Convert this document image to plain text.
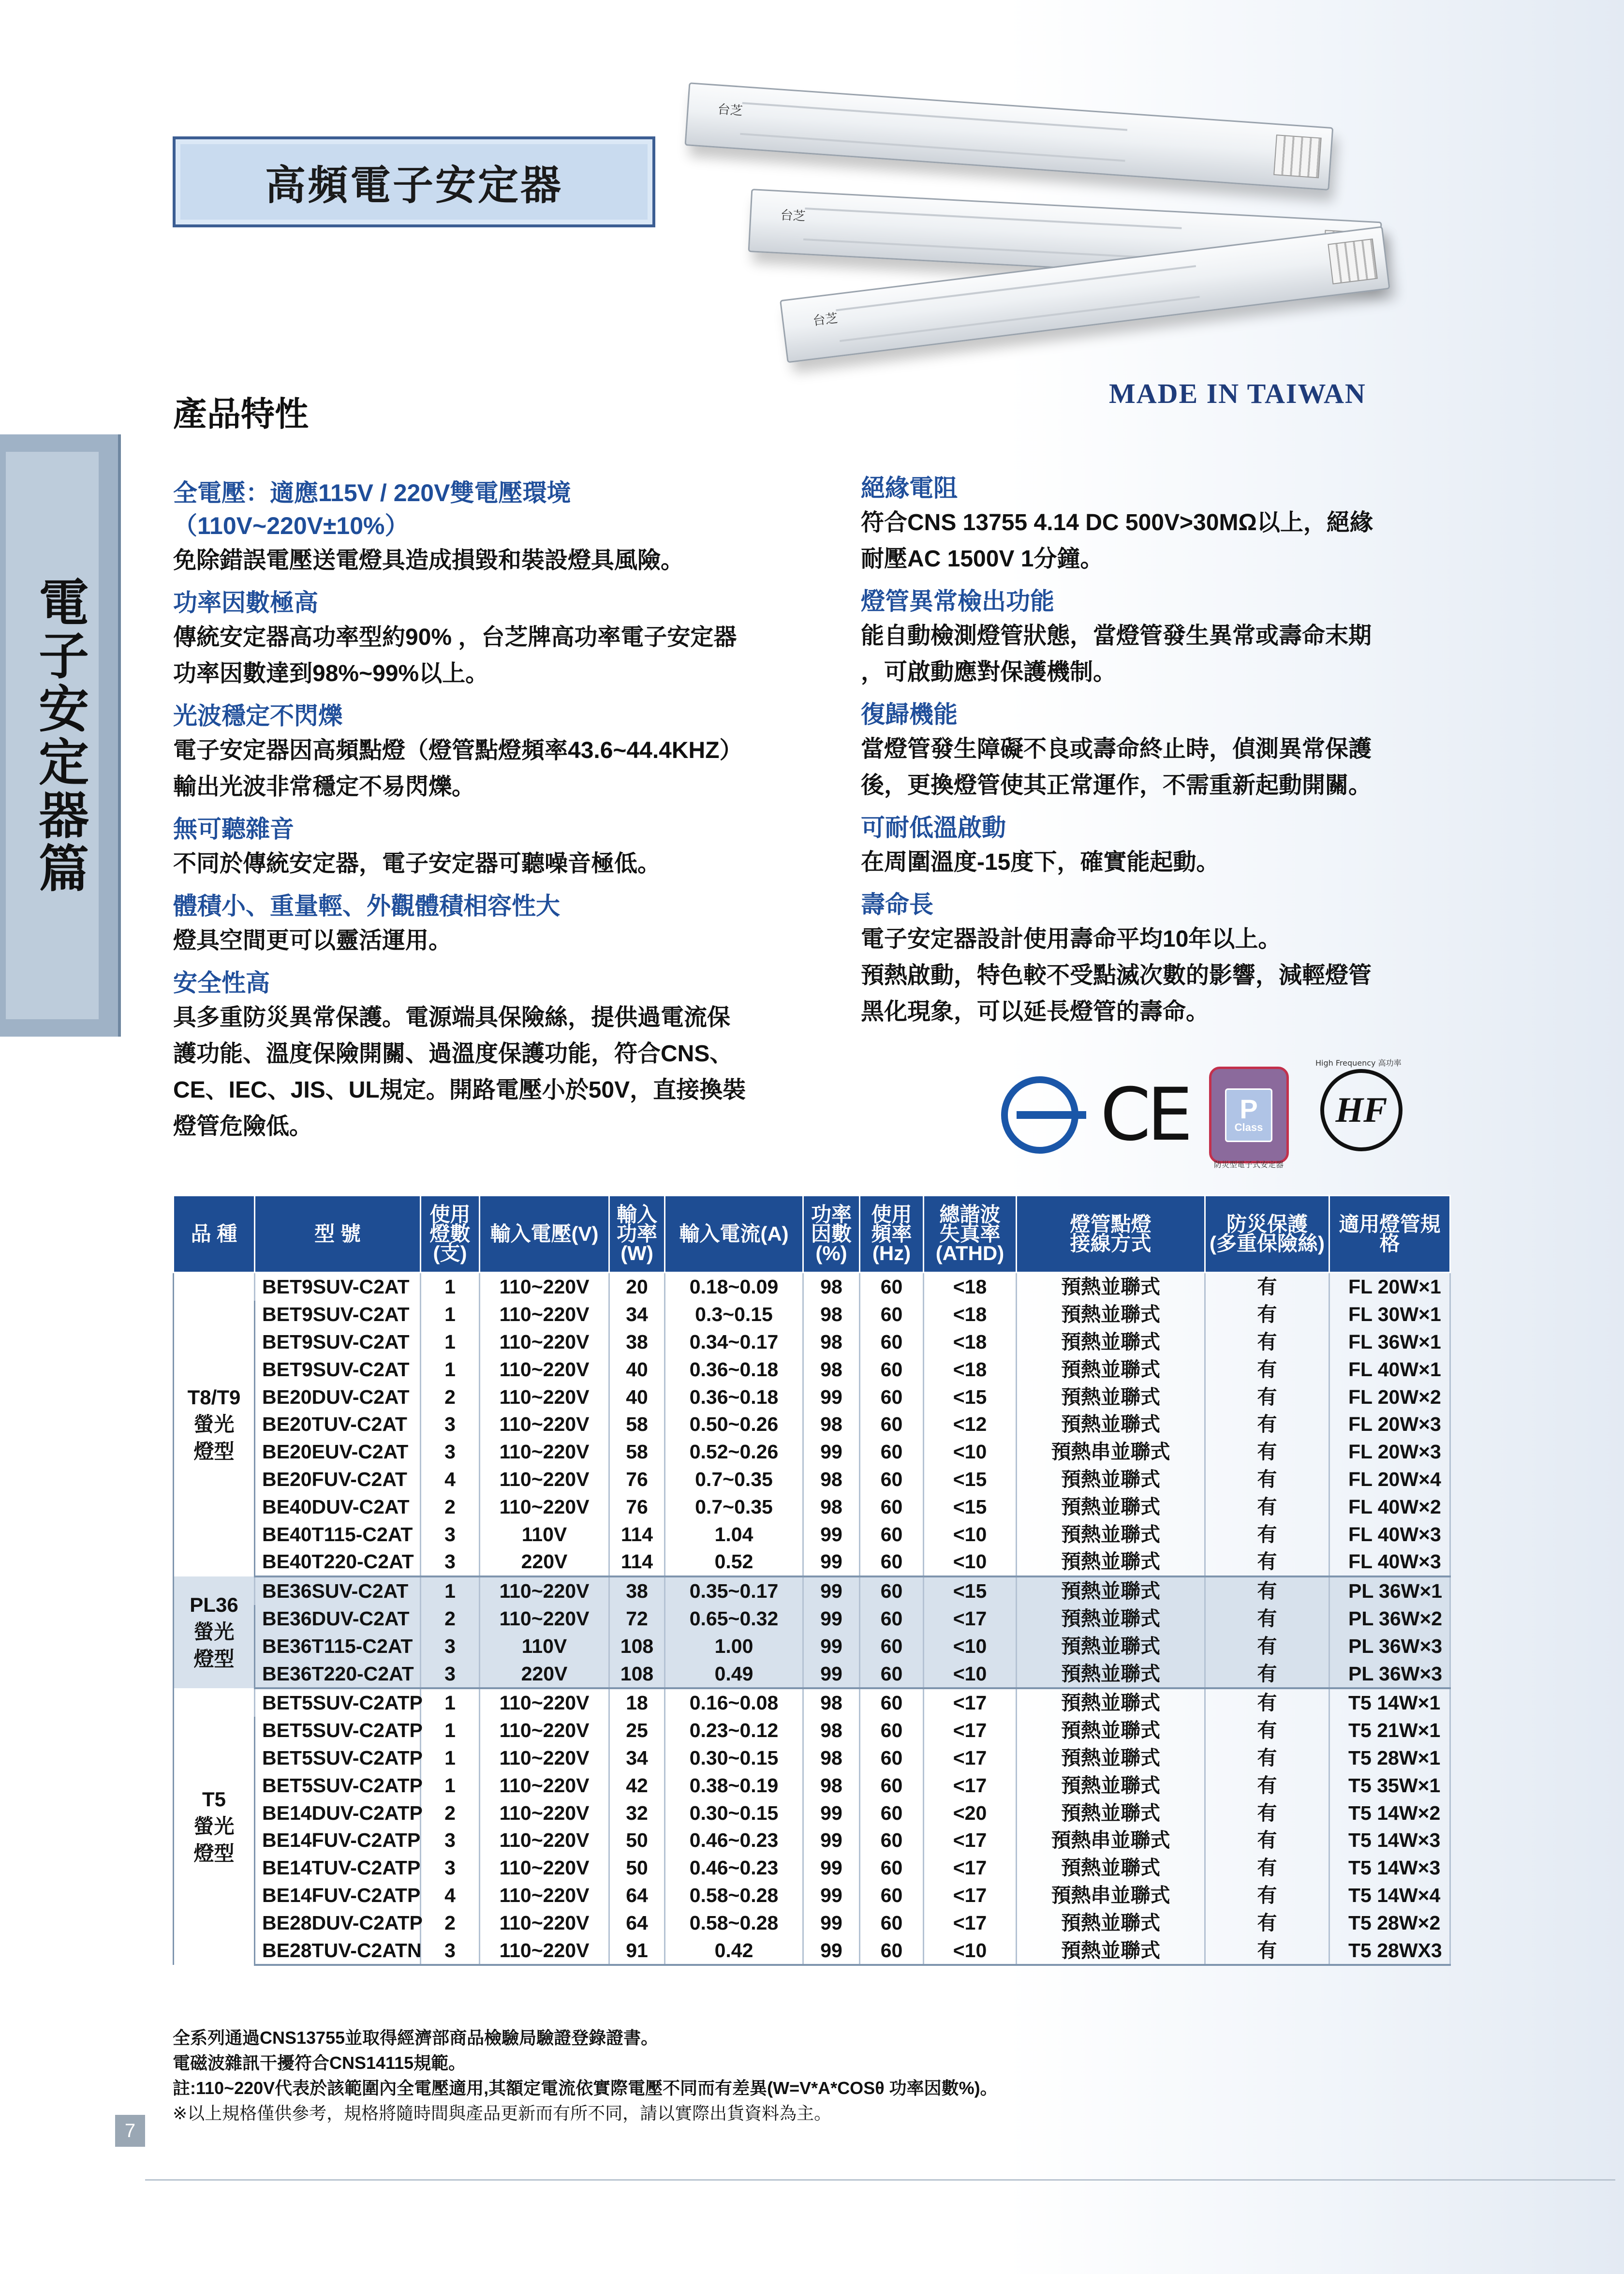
高頻電子安定器
台芝
台芝
台芝
MADE IN TAIWAN
電子安定器篇
產品特性

全電壓：適應115V / 220V雙電壓環境
（110V~220V±10%）

免除錯誤電壓送電燈具造成損毀和裝設燈具風險。

功率因數極高

傳統安定器高功率型約90% ，台芝牌高功率電子安定器
功率因數達到98%~99%以上。

光波穩定不閃爍

電子安定器因高頻點燈（燈管點燈頻率43.6~44.4KHZ）
輸出光波非常穩定不易閃爍。

無可聽雜音

不同於傳統安定器，電子安定器可聽噪音極低。

體積小、重量輕、外觀體積相容性大

燈具空間更可以靈活運用。

安全性高

具多重防災異常保護。電源端具保險絲，提供過電流保
護功能、溫度保險開關、過溫度保護功能，符合CNS、
CE、IEC、JIS、UL規定。開路電壓小於50V，直接換裝
燈管危險低。

絕緣電阻

符合CNS 13755 4.14 DC 500V>30MΩ以上，絕緣
耐壓AC 1500V 1分鐘。

燈管異常檢出功能

能自動檢測燈管狀態，當燈管發生異常或壽命末期
，可啟動應對保護機制。

復歸機能

當燈管發生障礙不良或壽命終止時，偵測異常保護
後，更換燈管使其正常運作，不需重新起動開關。

可耐低溫啟動

在周圍溫度-15度下，確實能起動。

壽命長

電子安定器設計使用壽命平均10年以上。
預熱啟動，特色較不受點滅次數的影響，減輕燈管
黑化現象，可以延長燈管的壽命。

CE P
Class	HF
防災型電子式安定器
High Frequency 高功率
品 種	型 號	使用
燈數
(支)	輸入電壓(V)	輸入
功率
(W)	輸入電流(A)	功率
因數
(%)	使用
頻率
(Hz)	總諧波
失真率
(ATHD)	燈管點燈
接線方式	防災保護
(多重保險絲)	適用燈管規格
T8/T9
螢光
燈型	BET9SUV-C2AT	1	110~220V	20	0.18~0.09	98	60	<18	預熱並聯式	有	FL 20W×1
	BET9SUV-C2AT	1	110~220V	34	0.3~0.15	98	60	<18	預熱並聯式	有	FL 30W×1
	BET9SUV-C2AT	1	110~220V	38	0.34~0.17	98	60	<18	預熱並聯式	有	FL 36W×1
	BET9SUV-C2AT	1	110~220V	40	0.36~0.18	98	60	<18	預熱並聯式	有	FL 40W×1
	BE20DUV-C2AT	2	110~220V	40	0.36~0.18	99	60	<15	預熱並聯式	有	FL 20W×2
	BE20TUV-C2AT	3	110~220V	58	0.50~0.26	98	60	<12	預熱並聯式	有	FL 20W×3
	BE20EUV-C2AT	3	110~220V	58	0.52~0.26	99	60	<10	預熱串並聯式	有	FL 20W×3
	BE20FUV-C2AT	4	110~220V	76	0.7~0.35	98	60	<15	預熱並聯式	有	FL 20W×4
	BE40DUV-C2AT	2	110~220V	76	0.7~0.35	98	60	<15	預熱並聯式	有	FL 40W×2
	BE40T115-C2AT	3	110V	114	1.04	99	60	<10	預熱並聯式	有	FL 40W×3
	BE40T220-C2AT	3	220V	114	0.52	99	60	<10	預熱並聯式	有	FL 40W×3
PL36
螢光
燈型	BE36SUV-C2AT	1	110~220V	38	0.35~0.17	99	60	<15	預熱並聯式	有	PL 36W×1
	BE36DUV-C2AT	2	110~220V	72	0.65~0.32	99	60	<17	預熱並聯式	有	PL 36W×2
	BE36T115-C2AT	3	110V	108	1.00	99	60	<10	預熱並聯式	有	PL 36W×3
	BE36T220-C2AT	3	220V	108	0.49	99	60	<10	預熱並聯式	有	PL 36W×3
T5
螢光
燈型	BET5SUV-C2ATP	1	110~220V	18	0.16~0.08	98	60	<17	預熱並聯式	有	T5 14W×1
	BET5SUV-C2ATP	1	110~220V	25	0.23~0.12	98	60	<17	預熱並聯式	有	T5 21W×1
	BET5SUV-C2ATP	1	110~220V	34	0.30~0.15	98	60	<17	預熱並聯式	有	T5 28W×1
	BET5SUV-C2ATP	1	110~220V	42	0.38~0.19	98	60	<17	預熱並聯式	有	T5 35W×1
	BE14DUV-C2ATP	2	110~220V	32	0.30~0.15	99	60	<20	預熱並聯式	有	T5 14W×2
	BE14FUV-C2ATP	3	110~220V	50	0.46~0.23	99	60	<17	預熱串並聯式	有	T5 14W×3
	BE14TUV-C2ATP	3	110~220V	50	0.46~0.23	99	60	<17	預熱並聯式	有	T5 14W×3
	BE14FUV-C2ATP	4	110~220V	64	0.58~0.28	99	60	<17	預熱串並聯式	有	T5 14W×4
	BE28DUV-C2ATP	2	110~220V	64	0.58~0.28	99	60	<17	預熱並聯式	有	T5 28W×2
	BE28TUV-C2ATN	3	110~220V	91	0.42	99	60	<10	預熱並聯式	有	T5 28WX3
全系列通過CNS13755並取得經濟部商品檢驗局驗證登錄證書。
電磁波雜訊干擾符合CNS14115規範。
註:110~220V代表於該範圍內全電壓適用,其額定電流依實際電壓不同而有差異(W=V*A*COSθ 功率因數%)。
※以上規格僅供參考，規格將隨時間與產品更新而有所不同，請以實際出貨資料為主。
7
